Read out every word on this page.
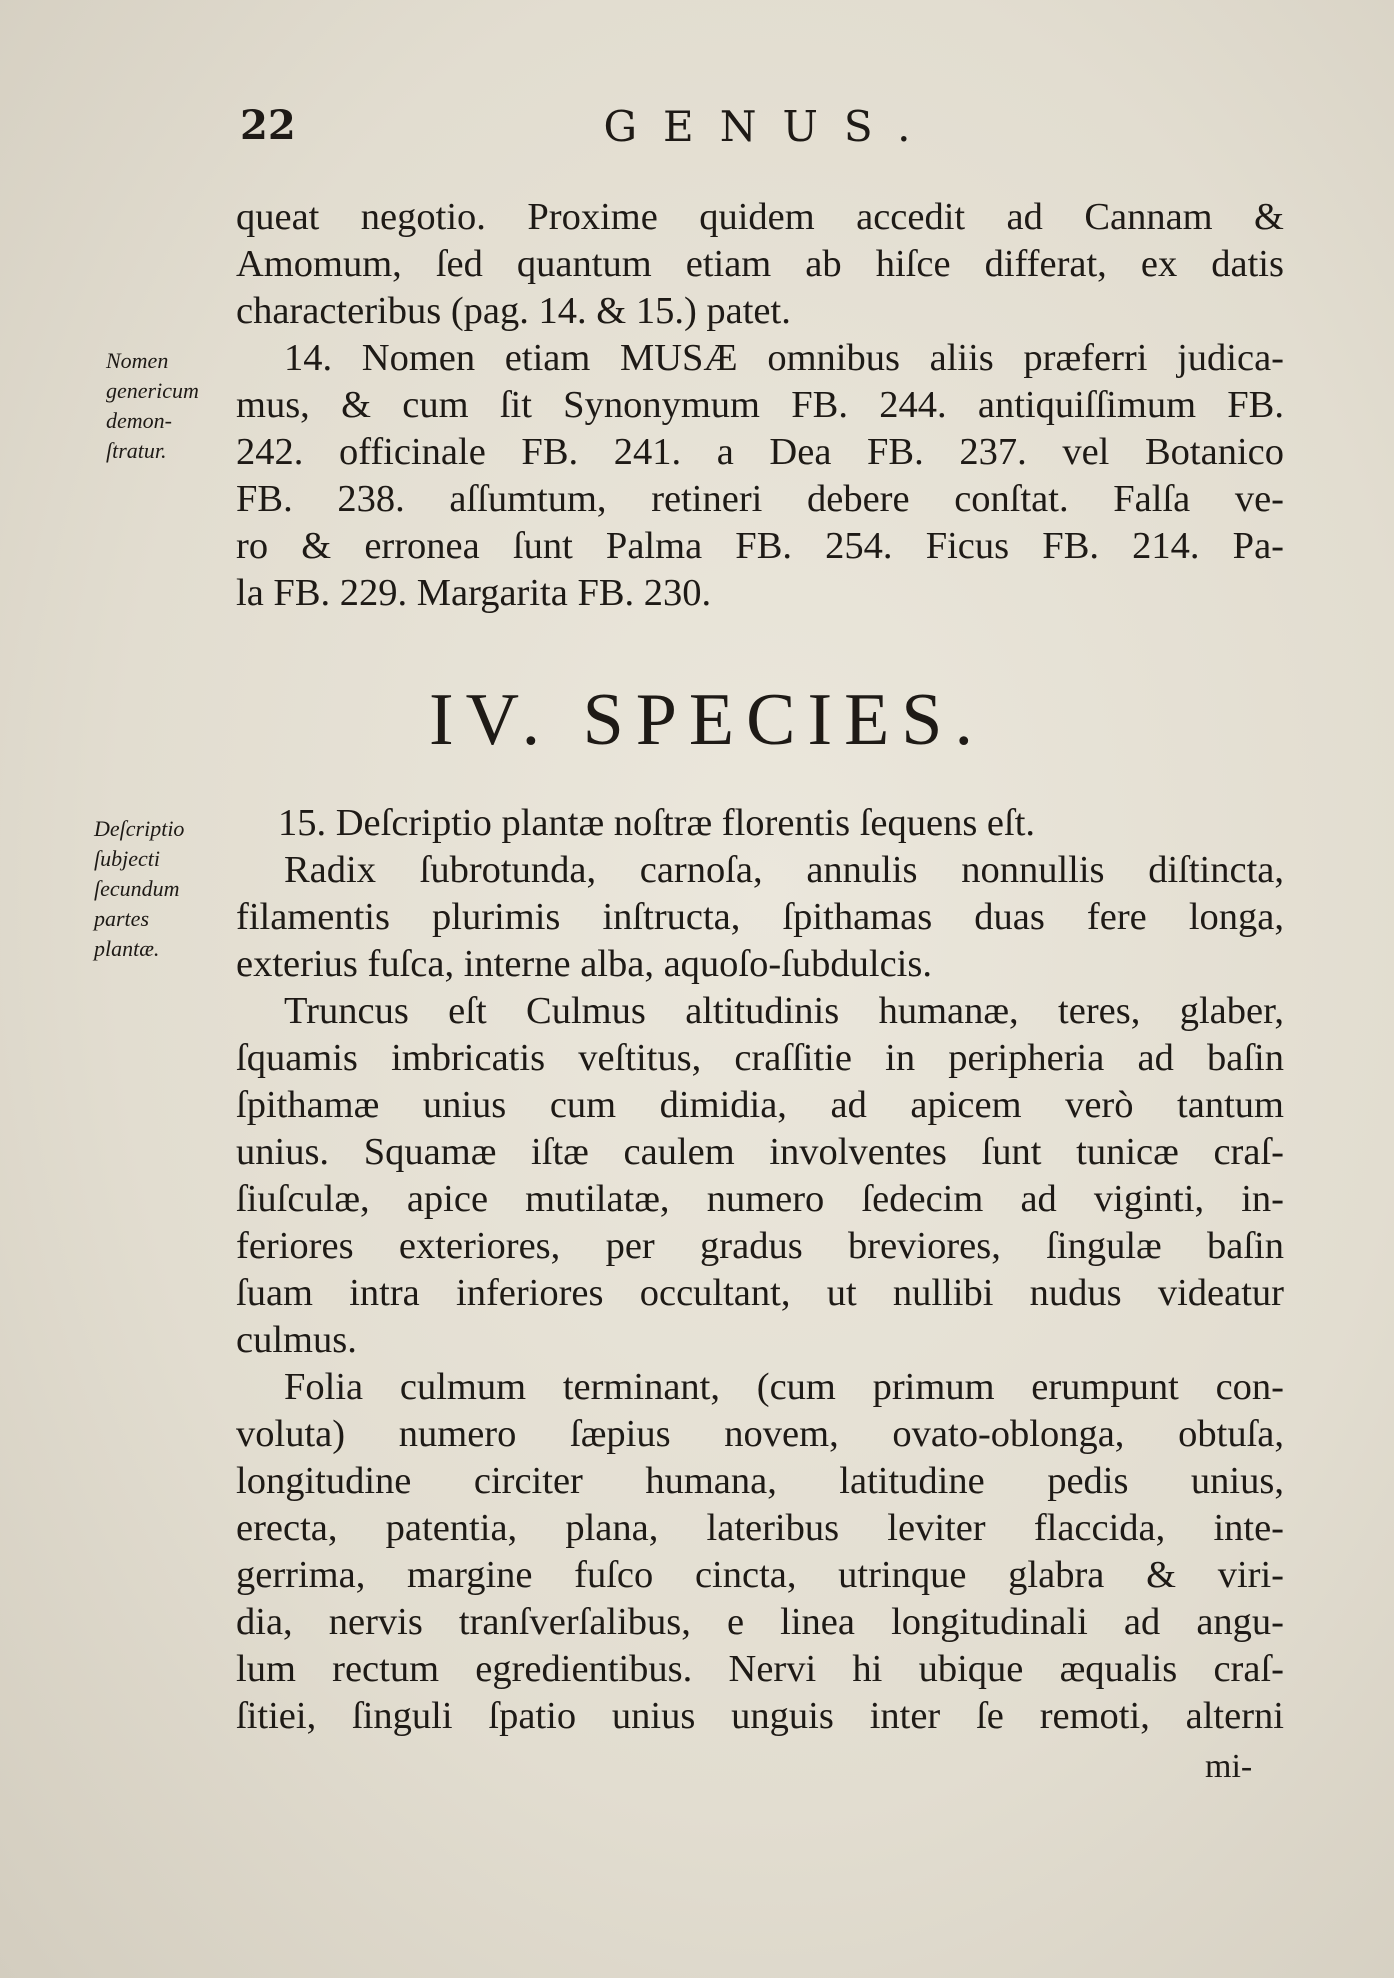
22	GENUS.
Nomen
genericum
demon-
ſtratur.
Deſcriptio
ſubjecti
ſecundum
partes
plantæ.
queat negotio. Proxime quidem accedit ad Cannam &
Amomum, ſed quantum etiam ab hiſce differat, ex datis
characteribus (pag. 14. & 15.) patet.
14. Nomen etiam MUSÆ omnibus aliis præferri judica-
mus, & cum ſit Synonymum FB. 244. antiquiſſimum FB.
242. officinale FB. 241. a Dea FB. 237. vel Botanico
FB. 238. aſſumtum, retineri debere conſtat. Falſa ve-
ro & erronea ſunt Palma FB. 254. Ficus FB. 214. Pa-
la FB. 229. Margarita FB. 230.
IV. SPECIES.
15. Deſcriptio plantæ noſtræ florentis ſequens eſt.
Radix ſubrotunda, carnoſa, annulis nonnullis diſtincta,
filamentis plurimis inſtructa, ſpithamas duas fere longa,
exterius fuſca, interne alba, aquoſo-ſubdulcis.
Truncus eſt Culmus altitudinis humanæ, teres, glaber,
ſquamis imbricatis veſtitus, craſſitie in peripheria ad baſin
ſpithamæ unius cum dimidia, ad apicem verò tantum
unius. Squamæ iſtæ caulem involventes ſunt tunicæ craſ-
ſiuſculæ, apice mutilatæ, numero ſedecim ad viginti, in-
feriores exteriores, per gradus breviores, ſingulæ baſin
ſuam intra inferiores occultant, ut nullibi nudus videatur
culmus.
Folia culmum terminant, (cum primum erumpunt con-
voluta) numero ſæpius novem, ovato-oblonga, obtuſa,
longitudine circiter humana, latitudine pedis unius,
erecta, patentia, plana, lateribus leviter flaccida, inte-
gerrima, margine fuſco cincta, utrinque glabra & viri-
dia, nervis tranſverſalibus, e linea longitudinali ad angu-
lum rectum egredientibus. Nervi hi ubique æqualis craſ-
ſitiei, ſinguli ſpatio unius unguis inter ſe remoti, alterni
mi-
